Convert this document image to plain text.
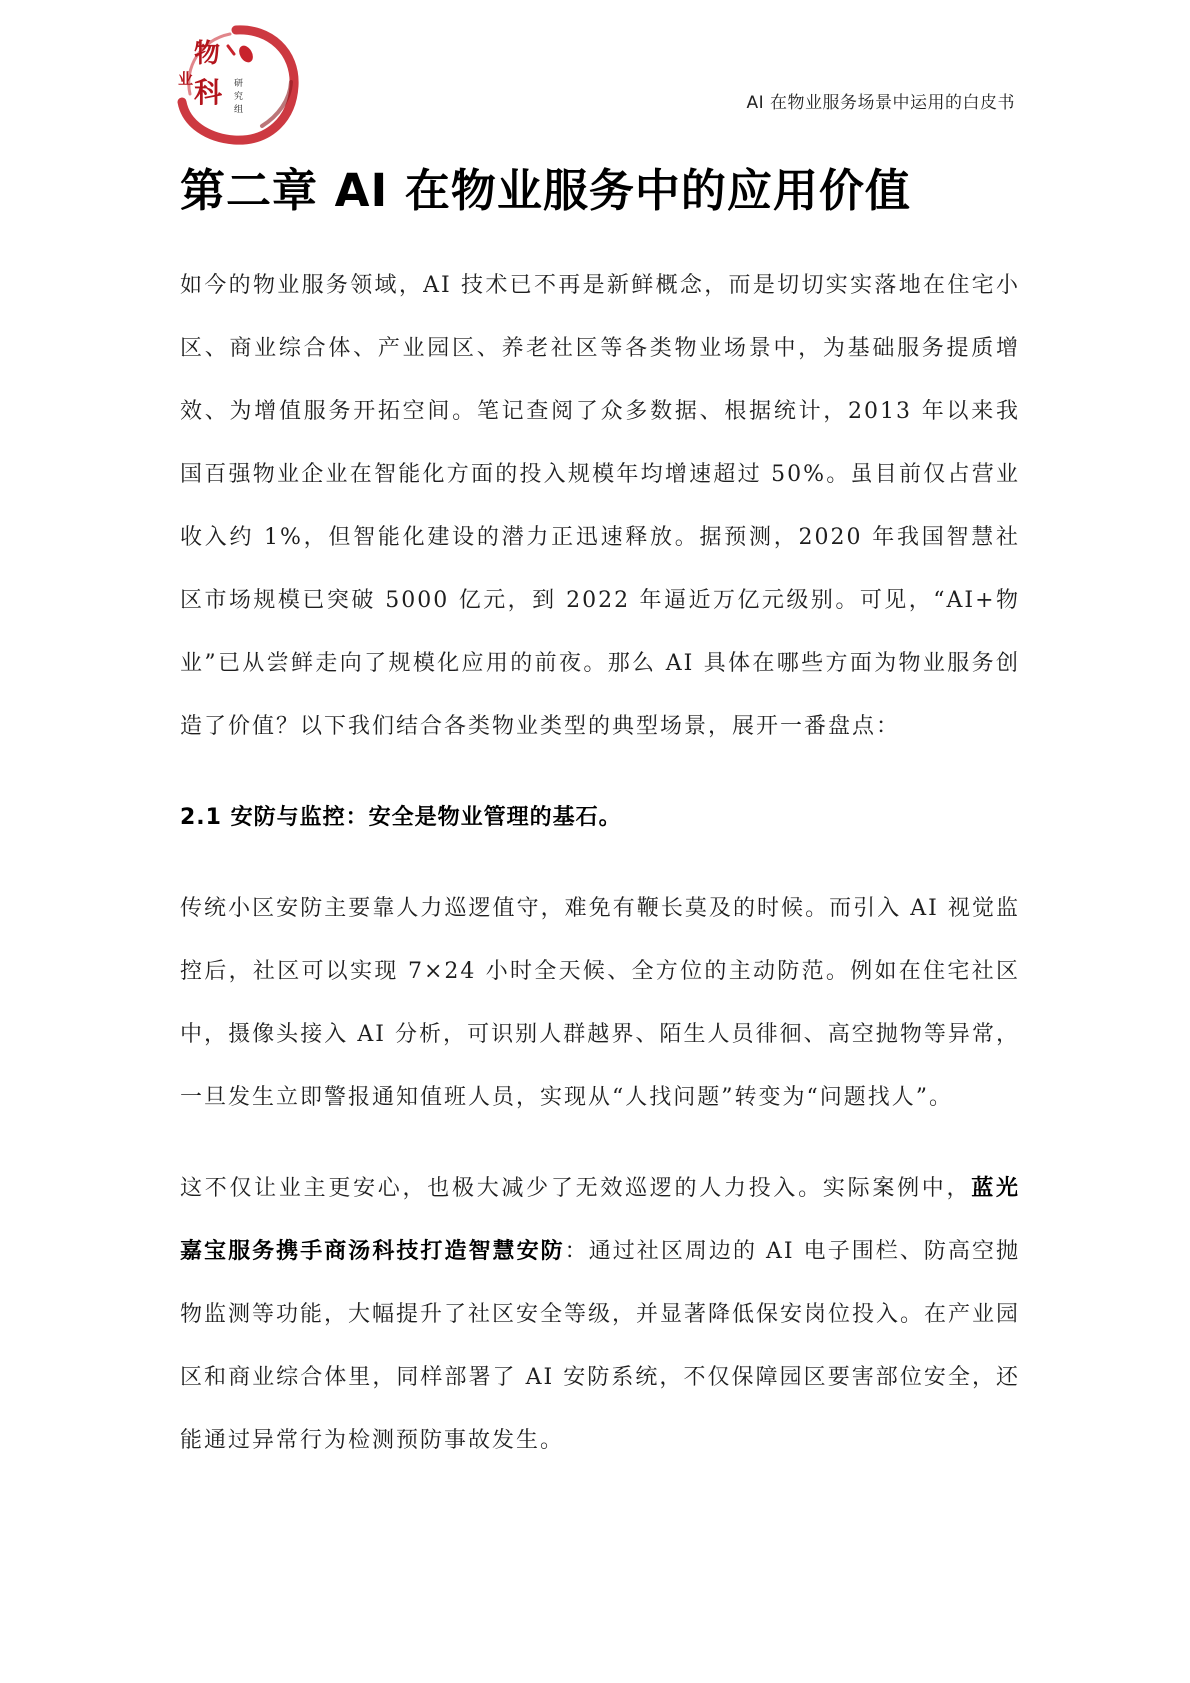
物
业 科 研
究
组	AI 在物业服务场景中运用的白皮书
第二章 AI 在物业服务中的应用价值

如今的物业服务领域，AI 技术已不再是新鲜概念，而是切切实实落地在住宅小区、商业综合体、产业园区、养老社区等各类物业场景中，为基础服务提质增效、为增值服务开拓空间。笔记查阅了众多数据、根据统计，2013 年以来我国百强物业企业在智能化方面的投入规模年均增速超过 50%。虽目前仅占营业收入约 1%，但智能化建设的潜力正迅速释放。据预测，2020 年我国智慧社区市场规模已突破 5000 亿元，到 2022 年逼近万亿元级别。可见，“AI+物业”已从尝鲜走向了规模化应用的前夜。那么 AI 具体在哪些方面为物业服务创造了价值？以下我们结合各类物业类型的典型场景，展开一番盘点：

2.1 安防与监控：安全是物业管理的基石。

传统小区安防主要靠人力巡逻值守，难免有鞭长莫及的时候。而引入 AI 视觉监控后，社区可以实现 7×24 小时全天候、全方位的主动防范。例如在住宅社区中，摄像头接入 AI 分析，可识别人群越界、陌生人员徘徊、高空抛物等异常，一旦发生立即警报通知值班人员，实现从“人找问题”转变为“问题找人”。

这不仅让业主更安心，也极大减少了无效巡逻的人力投入。实际案例中，蓝光嘉宝服务携手商汤科技打造智慧安防：通过社区周边的 AI 电子围栏、防高空抛物监测等功能，大幅提升了社区安全等级，并显著降低保安岗位投入。在产业园区和商业综合体里，同样部署了 AI 安防系统，不仅保障园区要害部位安全，还能通过异常行为检测预防事故发生。
